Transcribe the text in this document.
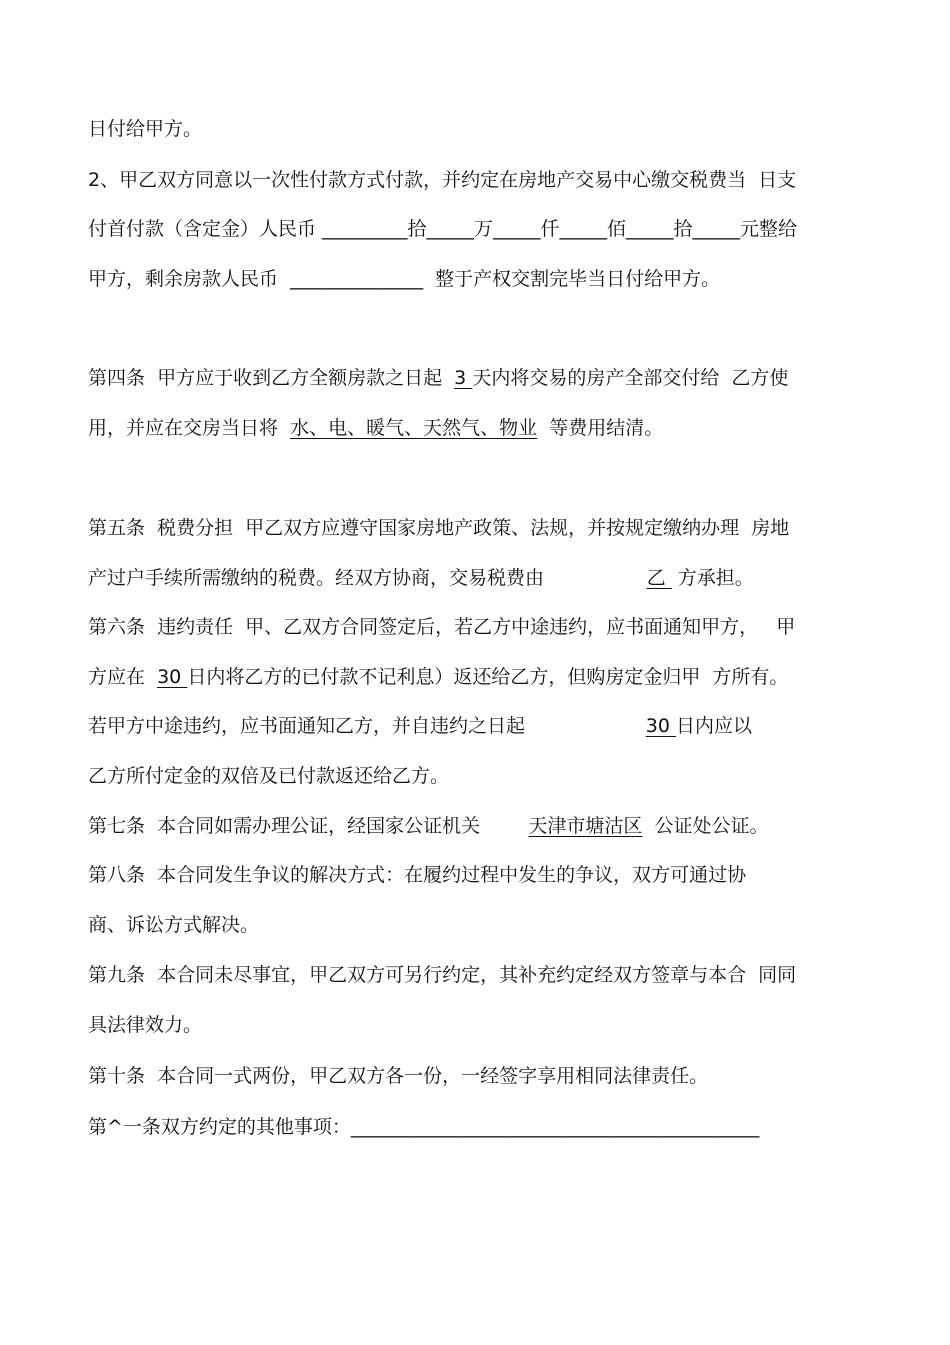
日付给甲方。
2、甲乙双方同意以一次性付款方式付款，并约定在房地产交易中心缴交税费当  日支
付首付款（含定金）人民币 _________拾_____万_____仟_____佰_____拾_____元整给
甲方，剩余房款人民币  ______________  整于产权交割完毕当日付给甲方。
第四条  甲方应于收到乙方全额房款之日起  3 天内将交易的房产全部交付给  乙方使
用，并应在交房当日将  水、电、暖气、天然气、物业  等费用结清。
第五条  税费分担  甲乙双方应遵守国家房地产政策、法规，并按规定缴纳办理  房地
产过户手续所需缴纳的税费。经双方协商，交易税费由                 乙  方承担。
第六条  违约责任  甲、乙双方合同签定后，若乙方中途违约，应书面通知甲方，   甲
方应在  30 日内将乙方的已付款不记利息）返还给乙方，但购房定金归甲  方所有。
若甲方中途违约，应书面通知乙方，并自违约之日起                    30 日内应以
乙方所付定金的双倍及已付款返还给乙方。
第七条  本合同如需办理公证，经国家公证机关        天津市塘沽区  公证处公证。
第八条  本合同发生争议的解决方式：在履约过程中发生的争议，双方可通过协
商、诉讼方式解决。
第九条  本合同未尽事宜，甲乙双方可另行约定，其补充约定经双方签章与本合  同同
具法律效力。
第十条  本合同一式两份，甲乙双方各一份，一经签字享用相同法律责任。
第^一条双方约定的其他事项：___________________________________________
